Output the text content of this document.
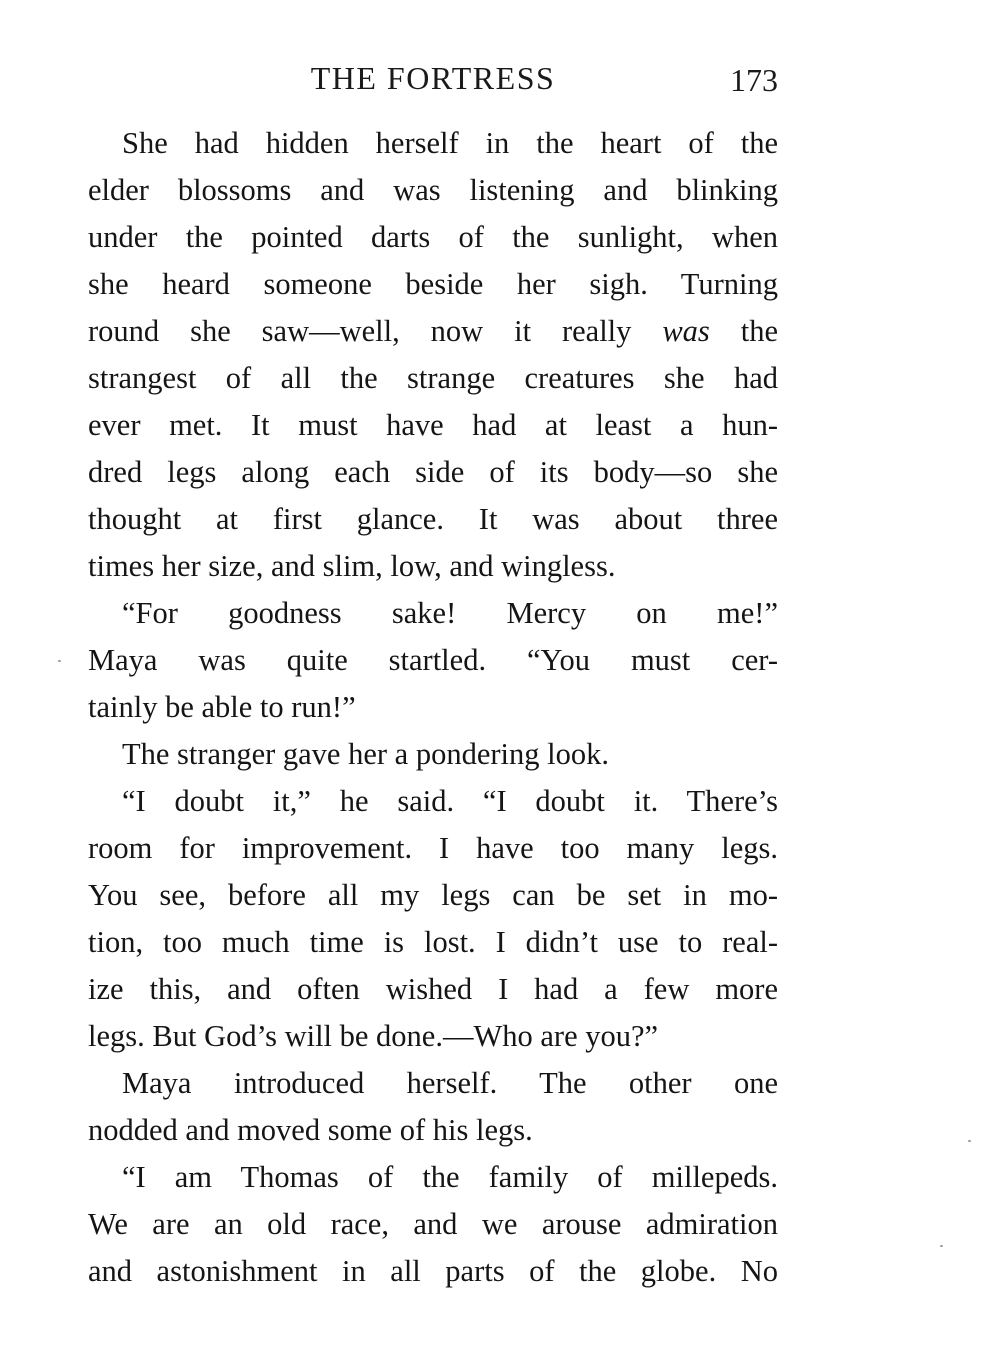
THE FORTRESS	173
She had hidden herself in the heart of the
elder blossoms and was listening and blinking
under the pointed darts of the sunlight, when
she heard someone beside her sigh. Turning
round she saw—well, now it really was the
strangest of all the strange creatures she had
ever met. It must have had at least a hun-
dred legs along each side of its body—so she
thought at first glance. It was about three
times her size, and slim, low, and wingless.
“For goodness sake! Mercy on me!”
Maya was quite startled. “You must cer-
tainly be able to run!”
The stranger gave her a pondering look.
“I doubt it,” he said. “I doubt it. There’s
room for improvement. I have too many legs.
You see, before all my legs can be set in mo-
tion, too much time is lost. I didn’t use to real-
ize this, and often wished I had a few more
legs. But God’s will be done.—Who are you?”
Maya introduced herself. The other one
nodded and moved some of his legs.
“I am Thomas of the family of millepeds.
We are an old race, and we arouse admiration
and astonishment in all parts of the globe. No
